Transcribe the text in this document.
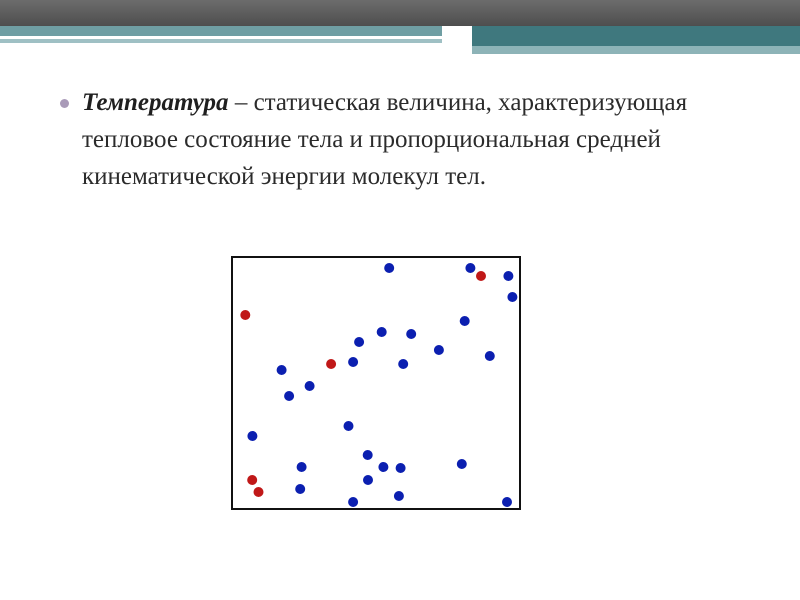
Температура – статическая величина, характеризующая тепловое состояние тела и пропорциональная средней кинематической энергии молекул тел.
